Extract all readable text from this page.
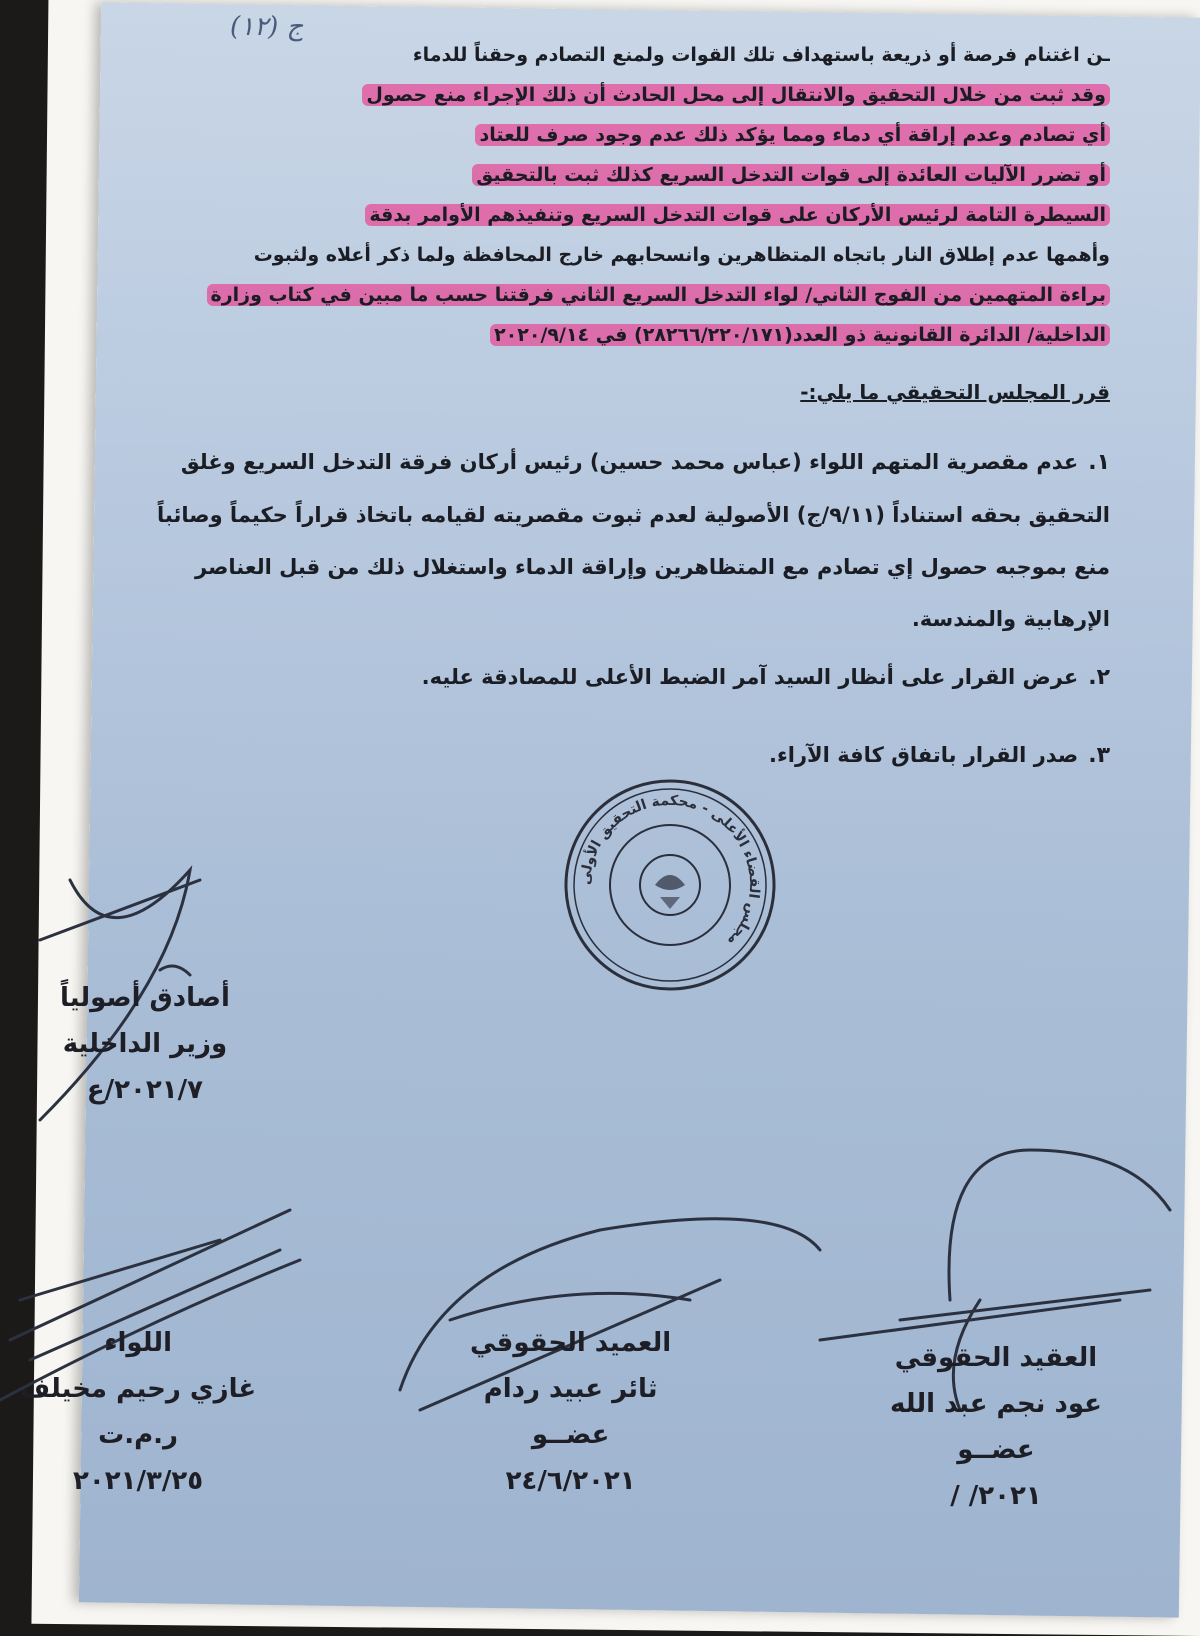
ج (۱۲)
ـن اغتنام فرصة أو ذريعة باستهداف تلك القوات ولمنع التصادم وحقناً للدماء
وقد ثبت من خلال التحقيق والانتقال إلى محل الحادث أن ذلك الإجراء منع حصول
أي تصادم وعدم إراقة أي دماء ومما يؤكد ذلك عدم وجود صرف للعتاد
أو تضرر الآليات العائدة إلى قوات التدخل السريع كذلك ثبت بالتحقيق
السيطرة التامة لرئيس الأركان على قوات التدخل السريع وتنفيذهم الأوامر بدقة
وأهمها عدم إطلاق النار باتجاه المتظاهرين وانسحابهم خارج المحافظة ولما ذكر أعلاه ولثبوت
براءة المتهمين من الفوج الثاني/ لواء التدخل السريع الثاني فرقتنا حسب ما مبين في كتاب وزارة
الداخلية/ الدائرة القانونية ذو العدد(۲۸۲٦٦/۲۲۰/۱۷۱) في ۲۰۲۰/۹/۱٤
قرر المجلس التحقيقي ما يلي:-
١.عدم مقصرية المتهم اللواء (عباس محمد حسين) رئيس أركان فرقة التدخل السريع وغلق التحقيق بحقه استناداً (٩/١١/ج) الأصولية لعدم ثبوت مقصريته لقيامه باتخاذ قراراً حكيماً وصائباً منع بموجبه حصول إي تصادم مع المتظاهرين وإراقة الدماء واستغلال ذلك من قبل العناصر الإرهابية والمندسة.
٢.عرض القرار على أنظار السيد آمر الضبط الأعلى للمصادقة عليه.
٣.صدر القرار باتفاق كافة الآراء.
مجلس القضاء الأعلى - محكمة التحقيق الأولى
أصادق أصولياً
وزير الداخلية
۲۰۲۱/۷/ع
العقيد الحقوقي
عود نجم عبد الله
عضــو
۲۰۲۱/ /
العميد الحقوقي
ثائر عبيد ردام
عضــو
۲۰۲۱/٦/۲٤
اللواء
غازي رحيم مخيلف
ر.م.ت
۲۰۲۱/۳/۲٥
